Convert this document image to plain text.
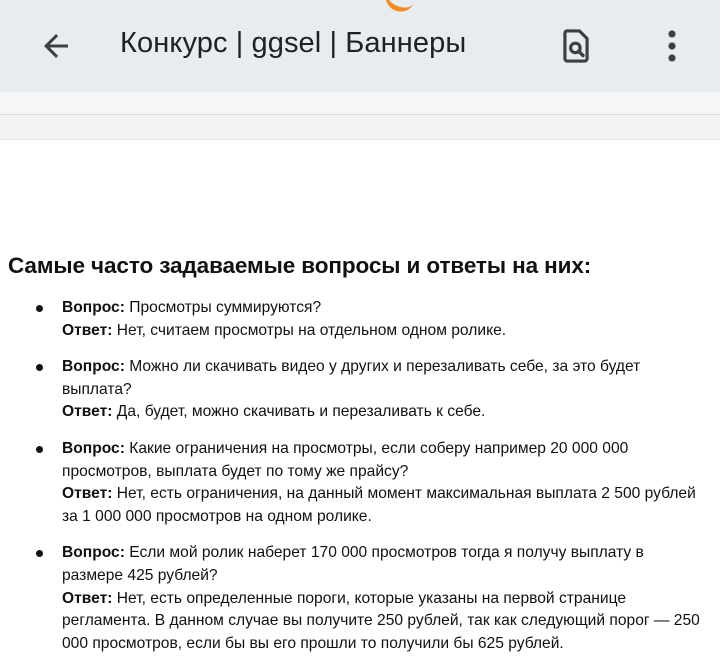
Конкурс | ggsel | Баннеры
Самые часто задаваемые вопросы и ответы на них:
Вопрос: Просмотры суммируются?
Ответ: Нет, считаем просмотры на отдельном одном ролике.
Вопрос: Можно ли скачивать видео у других и перезаливать себе, за это будет выплата?
Ответ: Да, будет, можно скачивать и перезаливать к себе.
Вопрос: Какие ограничения на просмотры, если соберу например 20 000 000 просмотров, выплата будет по тому же прайсу?
Ответ: Нет, есть ограничения, на данный момент максимальная выплата 2 500 рублей за 1 000 000 просмотров на одном ролике.
Вопрос: Если мой ролик наберет 170 000 просмотров тогда я получу выплату в размере 425 рублей?
Ответ: Нет, есть определенные пороги, которые указаны на первой странице регламента. В данном случае вы получите 250 рублей, так как следующий порог — 250 000 просмотров, если бы вы его прошли то получили бы 625 рублей.
